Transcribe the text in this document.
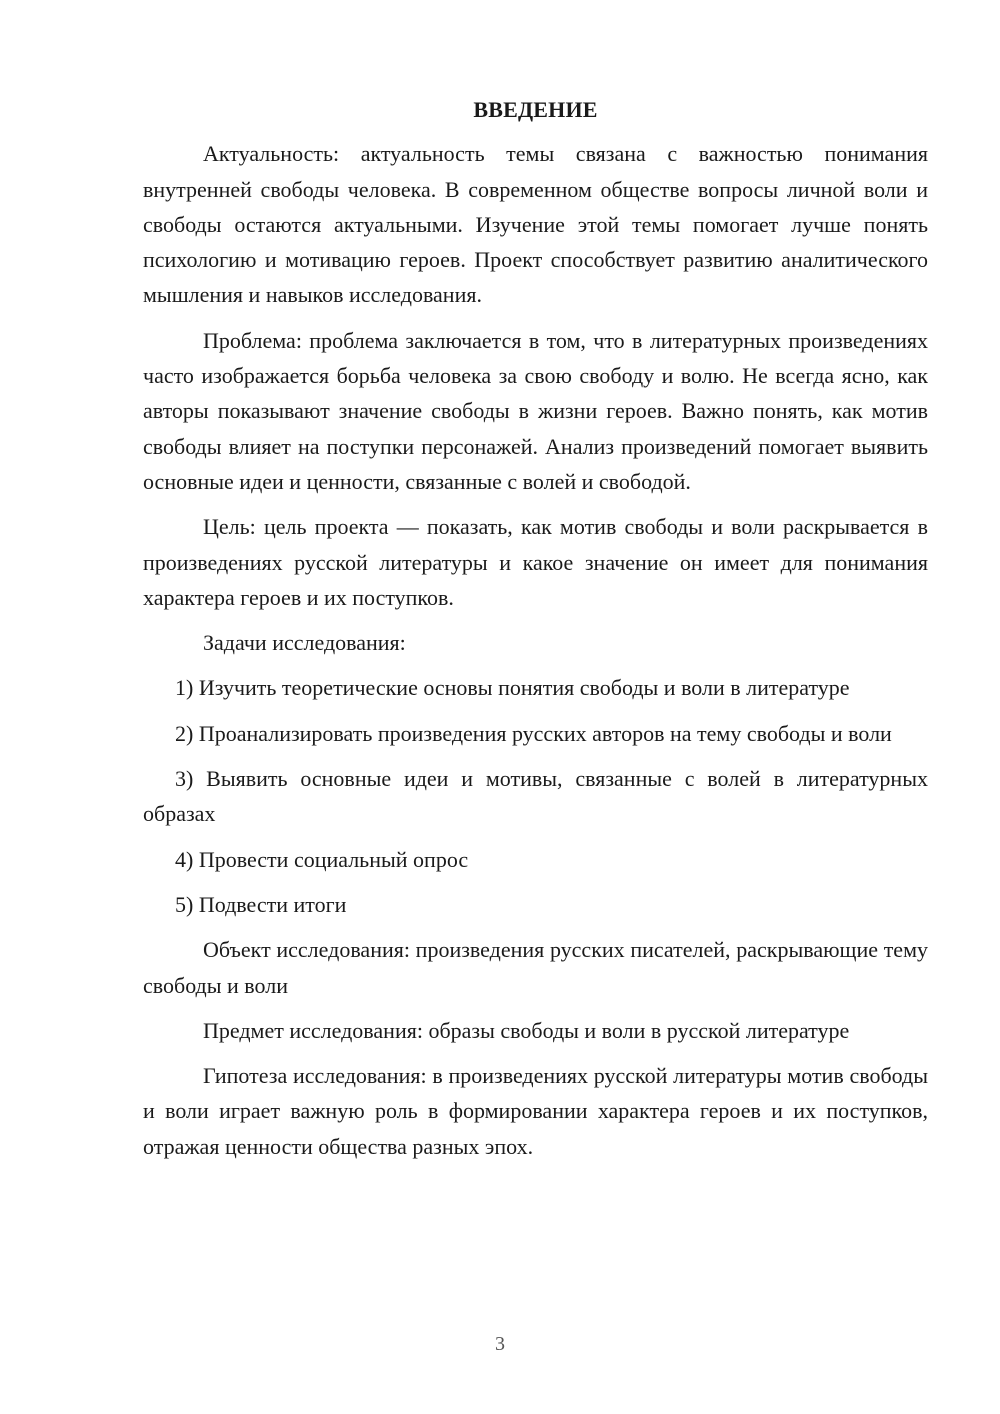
ВВЕДЕНИЕ

Актуальность: актуальность темы связана с важностью понимания внутренней свободы человека. В современном обществе вопросы личной воли и свободы остаются актуальными. Изучение этой темы помогает лучше понять психологию и мотивацию героев. Проект способствует развитию аналитического мышления и навыков исследования.

Проблема: проблема заключается в том, что в литературных произведениях часто изображается борьба человека за свою свободу и волю. Не всегда ясно, как авторы показывают значение свободы в жизни героев. Важно понять, как мотив свободы влияет на поступки персонажей. Анализ произведений помогает выявить основные идеи и ценности, связанные с волей и свободой.

Цель: цель проекта — показать, как мотив свободы и воли раскрывается в произведениях русской литературы и какое значение он имеет для понимания характера героев и их поступков.

Задачи исследования:

1) Изучить теоретические основы понятия свободы и воли в литературе

2) Проанализировать произведения русских авторов на тему свободы и воли

3) Выявить основные идеи и мотивы, связанные с волей в литературных образах

4) Провести социальный опрос

5) Подвести итоги

Объект исследования: произведения русских писателей, раскрывающие тему свободы и воли

Предмет исследования: образы свободы и воли в русской литературе

Гипотеза исследования: в произведениях русской литературы мотив свободы и воли играет важную роль в формировании характера героев и их поступков, отражая ценности общества разных эпох.

3
